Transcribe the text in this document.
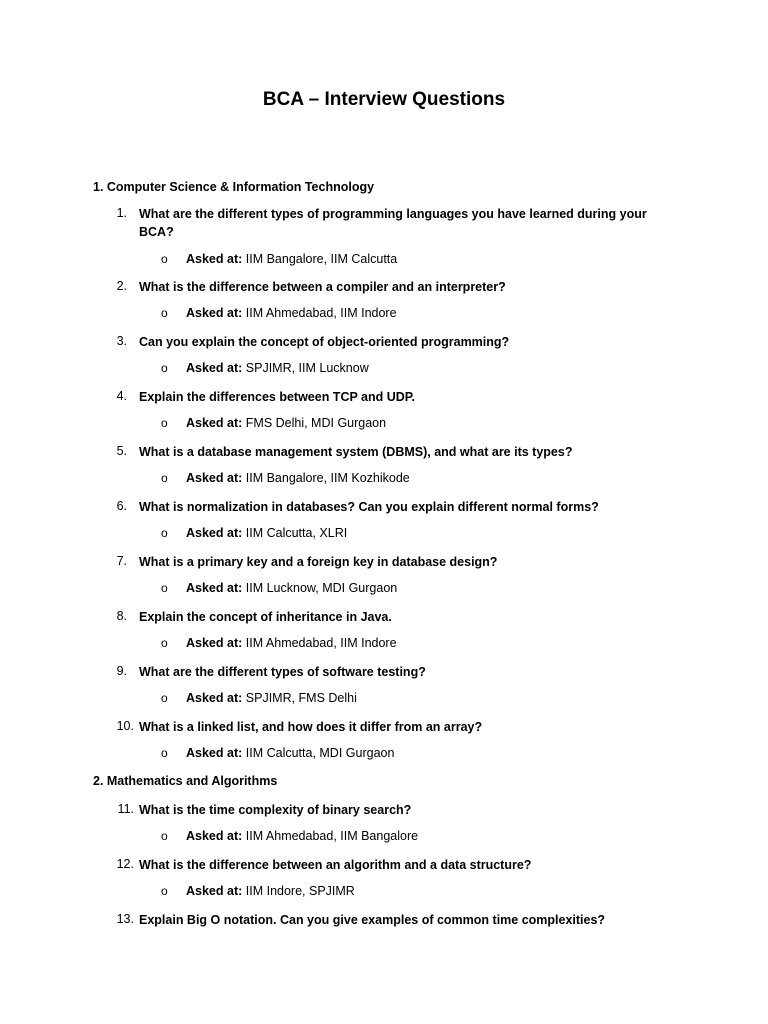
BCA – Interview Questions
1. Computer Science & Information Technology
1. What are the different types of programming languages you have learned during your BCA?
o Asked at: IIM Bangalore, IIM Calcutta
2. What is the difference between a compiler and an interpreter?
o Asked at: IIM Ahmedabad, IIM Indore
3. Can you explain the concept of object-oriented programming?
o Asked at: SPJIMR, IIM Lucknow
4. Explain the differences between TCP and UDP.
o Asked at: FMS Delhi, MDI Gurgaon
5. What is a database management system (DBMS), and what are its types?
o Asked at: IIM Bangalore, IIM Kozhikode
6. What is normalization in databases? Can you explain different normal forms?
o Asked at: IIM Calcutta, XLRI
7. What is a primary key and a foreign key in database design?
o Asked at: IIM Lucknow, MDI Gurgaon
8. Explain the concept of inheritance in Java.
o Asked at: IIM Ahmedabad, IIM Indore
9. What are the different types of software testing?
o Asked at: SPJIMR, FMS Delhi
10. What is a linked list, and how does it differ from an array?
o Asked at: IIM Calcutta, MDI Gurgaon
2. Mathematics and Algorithms
11. What is the time complexity of binary search?
o Asked at: IIM Ahmedabad, IIM Bangalore
12. What is the difference between an algorithm and a data structure?
o Asked at: IIM Indore, SPJIMR
13. Explain Big O notation. Can you give examples of common time complexities?
